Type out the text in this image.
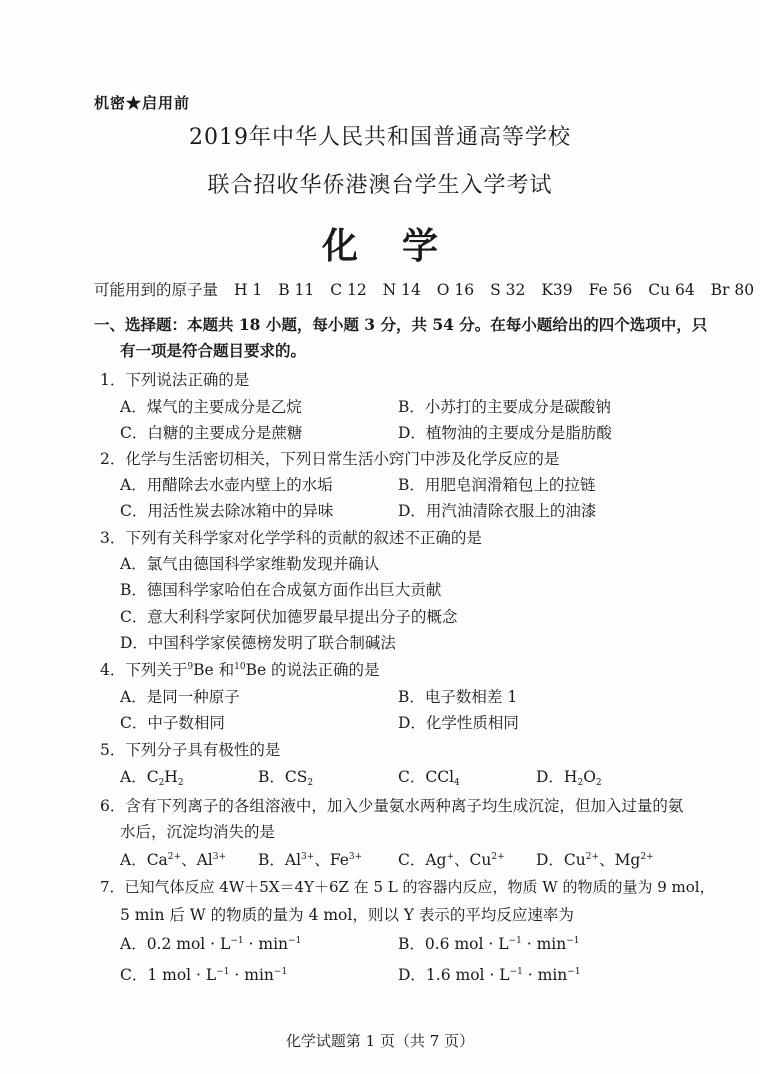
机密★启用前
2019年中华人民共和国普通高等学校
联合招收华侨港澳台学生入学考试
化学
可能用到的原子量 H 1 B 11 C 12 N 14 O 16 S 32 K39 Fe 56 Cu 64 Br 80
一、选择题：本题共 18 小题，每小题 3 分，共 54 分。在每小题给出的四个选项中，只
有一项是符合题目要求的。
1．下列说法正确的是
A．煤气的主要成分是乙烷	B．小苏打的主要成分是碳酸钠
C．白糖的主要成分是蔗糖	D．植物油的主要成分是脂肪酸
2．化学与生活密切相关，下列日常生活小窍门中涉及化学反应的是
A．用醋除去水壶内壁上的水垢	B．用肥皂润滑箱包上的拉链
C．用活性炭去除冰箱中的异味	D．用汽油清除衣服上的油漆
3．下列有关科学家对化学学科的贡献的叙述不正确的是
A．氯气由德国科学家维勒发现并确认
B．德国科学家哈伯在合成氨方面作出巨大贡献
C．意大利科学家阿伏加德罗最早提出分子的概念
D．中国科学家侯德榜发明了联合制碱法
4．下列关于$^9$Be 和$^{10}$Be 的说法正确的是
A．是同一种原子	B．电子数相差 1
C．中子数相同	D．化学性质相同
5．下列分子具有极性的是
A．$C_2H_2$	B．$CS_2$	C．CCl$_4$	D．$H_2O_2$
6．含有下列离子的各组溶液中，加入少量氨水两种离子均生成沉淀，但加入过量的氨
水后，沉淀均消失的是
A．$Ca^{2+}$、$Al^{3+}$ B．$Al^{3+}$、$Fe^{3+}$ C．Ag+、$Cu^{2+}$ D．$Cu^{2+}$、$Mg^{2+}$
7．已知气体反应 4W＋5X＝4Y＋6Z 在 5 L 的容器内反应，物质 W 的物质的量为 9 mol，
5 min 后 W 的物质的量为 4 mol，则以 Y 表示的平均反应速率为
A．0.2 mol · $L^{-1} \cdot \min^{-1}$	B．0.6 mol · $L^{-1} \cdot \min^{-1}$
C．1 mol · $L^{-1} \cdot \min^{-1}$	D．1.6 mol · $L^{-1} \cdot \min^{-1}$
化学试题第 1 页（共 7 页）
